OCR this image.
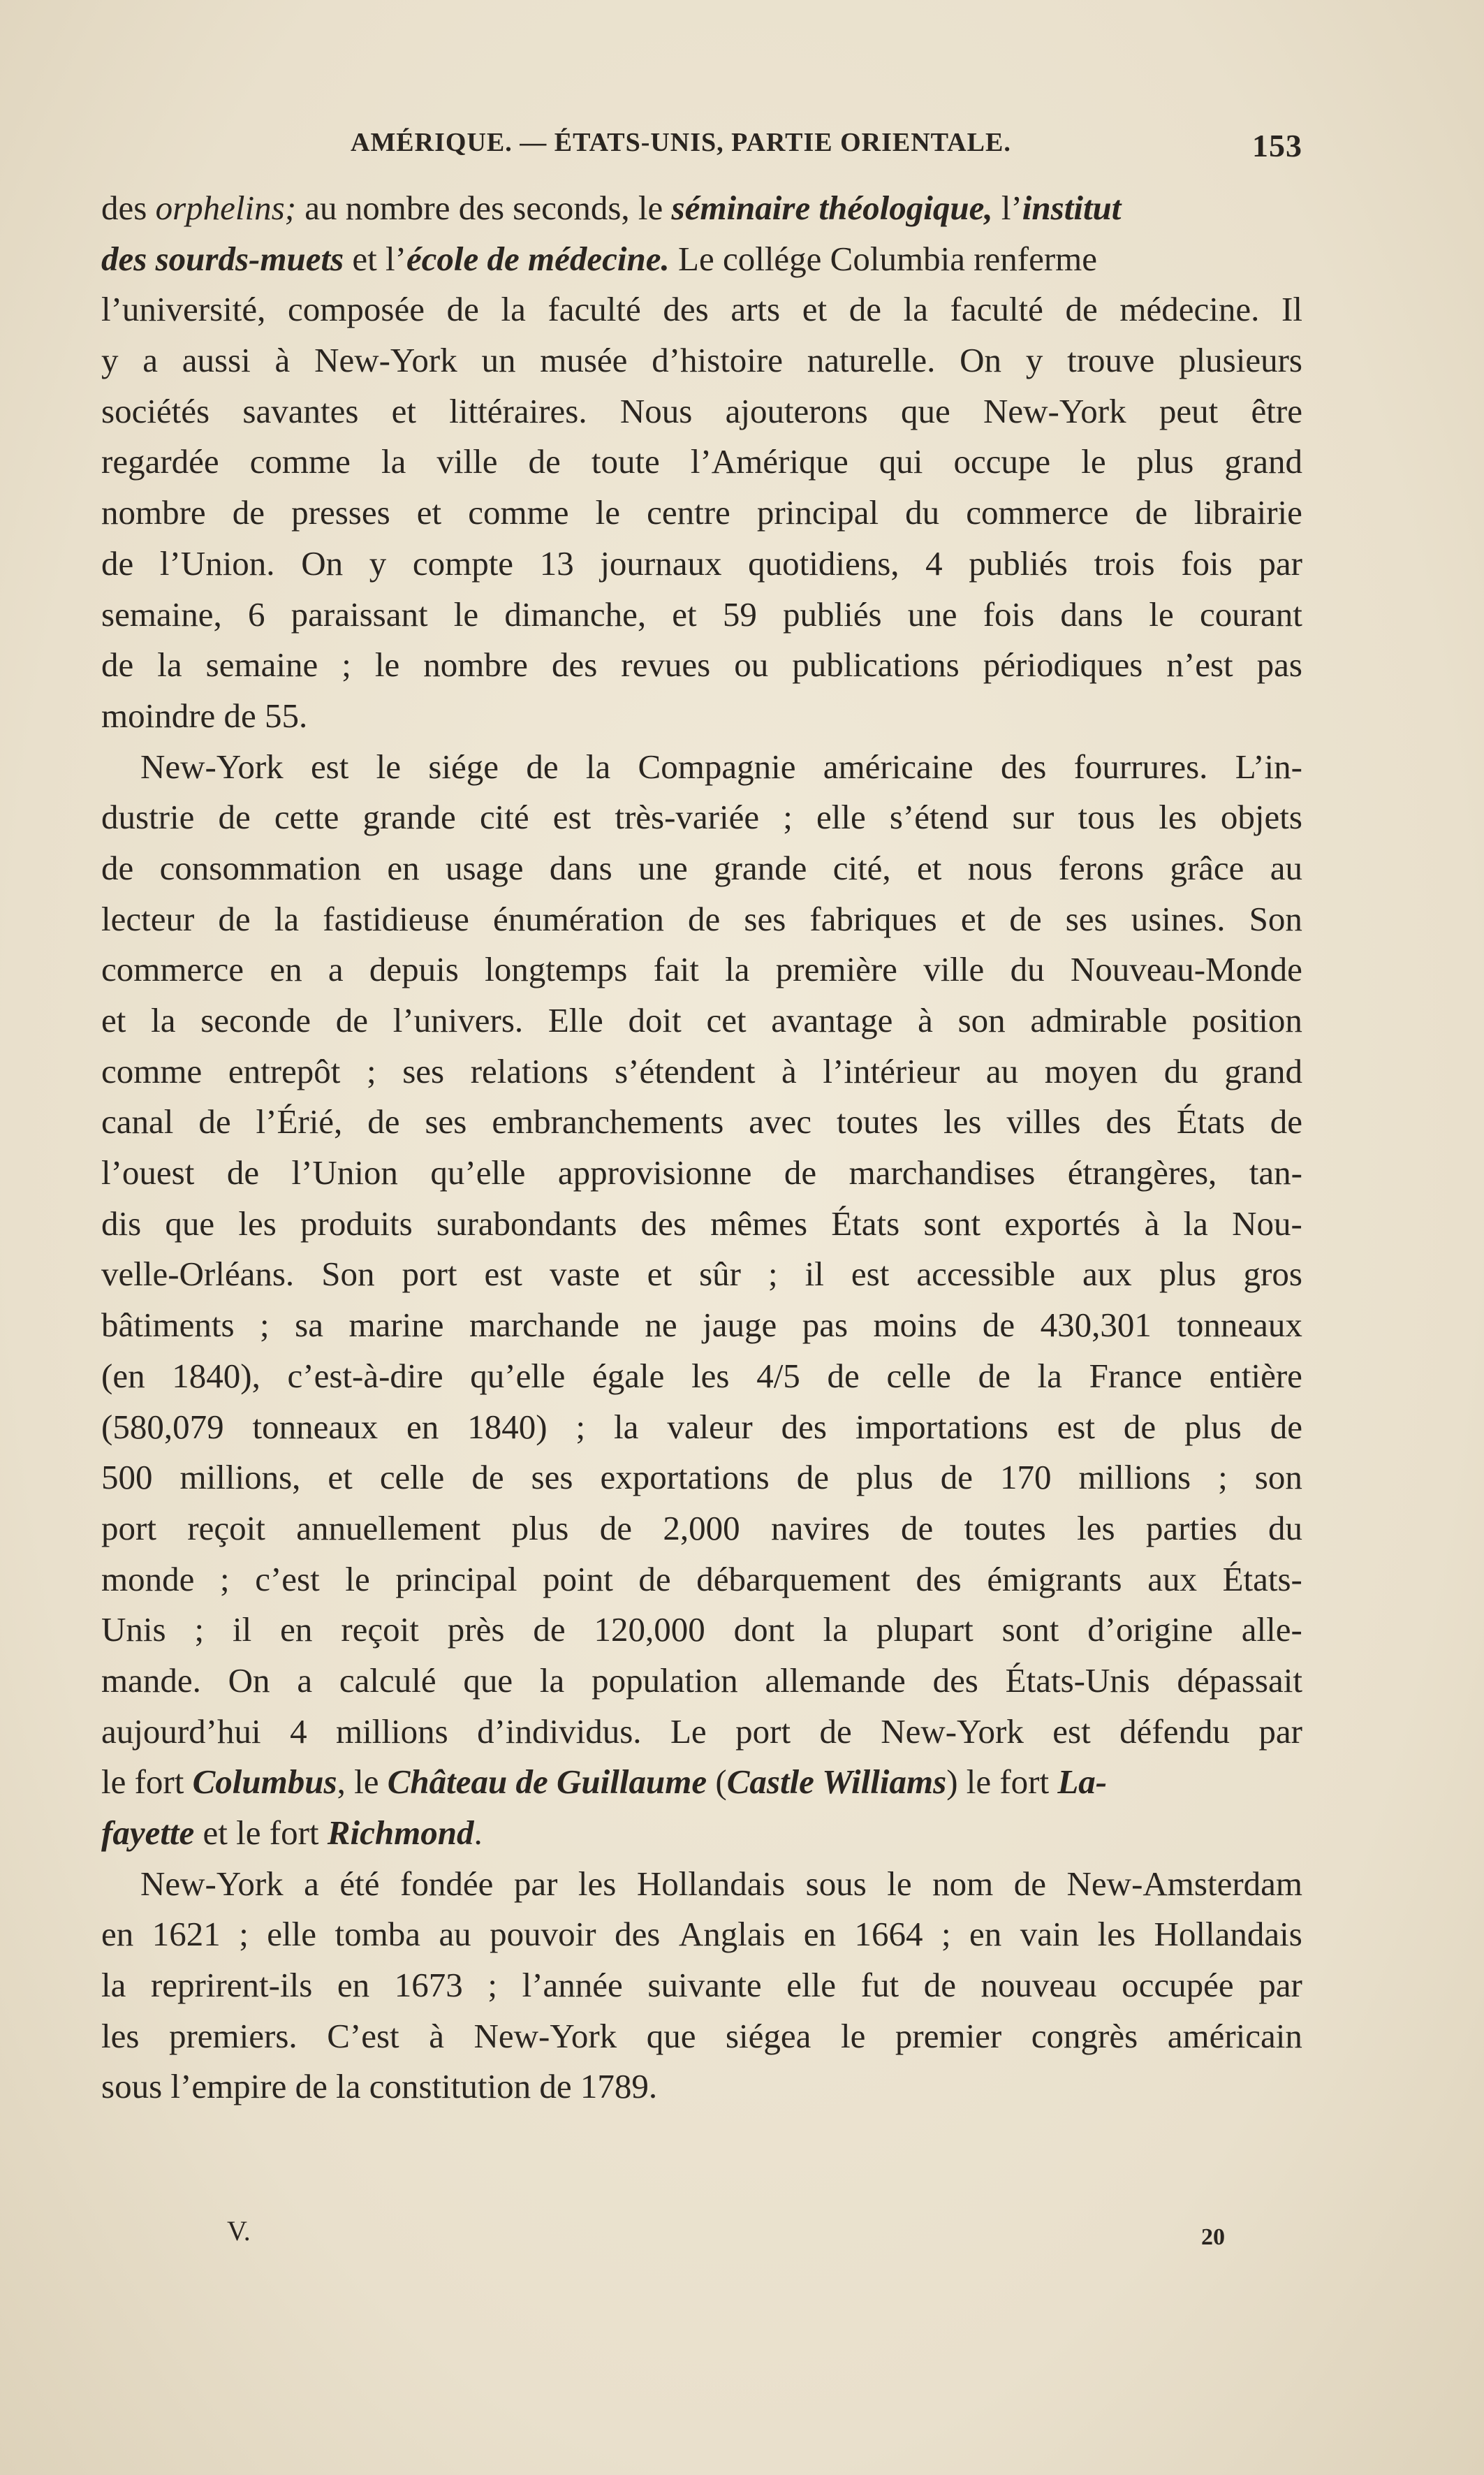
AMÉRIQUE. — ÉTATS-UNIS, PARTIE ORIENTALE.	153
des orphelins; au nombre des seconds, le séminaire théologique, l’institut
des sourds-muets et l’école de médecine. Le collége Columbia renferme
l’université, composée de la faculté des arts et de la faculté de médecine. Il
y a aussi à New-York un musée d’histoire naturelle. On y trouve plusieurs
sociétés savantes et littéraires. Nous ajouterons que New-York peut être
regardée comme la ville de toute l’Amérique qui occupe le plus grand
nombre de presses et comme le centre principal du commerce de librairie
de l’Union. On y compte 13 journaux quotidiens, 4 publiés trois fois par
semaine, 6 paraissant le dimanche, et 59 publiés une fois dans le courant
de la semaine ; le nombre des revues ou publications périodiques n’est pas
moindre de 55.
New-York est le siége de la Compagnie américaine des fourrures. L’in-
dustrie de cette grande cité est très-variée ; elle s’étend sur tous les objets
de consommation en usage dans une grande cité, et nous ferons grâce au
lecteur de la fastidieuse énumération de ses fabriques et de ses usines. Son
commerce en a depuis longtemps fait la première ville du Nouveau-Monde
et la seconde de l’univers. Elle doit cet avantage à son admirable position
comme entrepôt ; ses relations s’étendent à l’intérieur au moyen du grand
canal de l’Érié, de ses embranchements avec toutes les villes des États de
l’ouest de l’Union qu’elle approvisionne de marchandises étrangères, tan-
dis que les produits surabondants des mêmes États sont exportés à la Nou-
velle-Orléans. Son port est vaste et sûr ; il est accessible aux plus gros
bâtiments ; sa marine marchande ne jauge pas moins de 430,301 tonneaux
(en 1840), c’est-à-dire qu’elle égale les 4/5 de celle de la France entière
(580,079 tonneaux en 1840) ; la valeur des importations est de plus de
500 millions, et celle de ses exportations de plus de 170 millions ; son
port reçoit annuellement plus de 2,000 navires de toutes les parties du
monde ; c’est le principal point de débarquement des émigrants aux États-
Unis ; il en reçoit près de 120,000 dont la plupart sont d’origine alle-
mande. On a calculé que la population allemande des États-Unis dépassait
aujourd’hui 4 millions d’individus. Le port de New-York est défendu par
le fort Columbus, le Château de Guillaume (Castle Williams) le fort La-
fayette et le fort Richmond.
New-York a été fondée par les Hollandais sous le nom de New-Amsterdam
en 1621 ; elle tomba au pouvoir des Anglais en 1664 ; en vain les Hollandais
la reprirent-ils en 1673 ; l’année suivante elle fut de nouveau occupée par
les premiers. C’est à New-York que siégea le premier congrès américain
sous l’empire de la constitution de 1789.
V.	20
